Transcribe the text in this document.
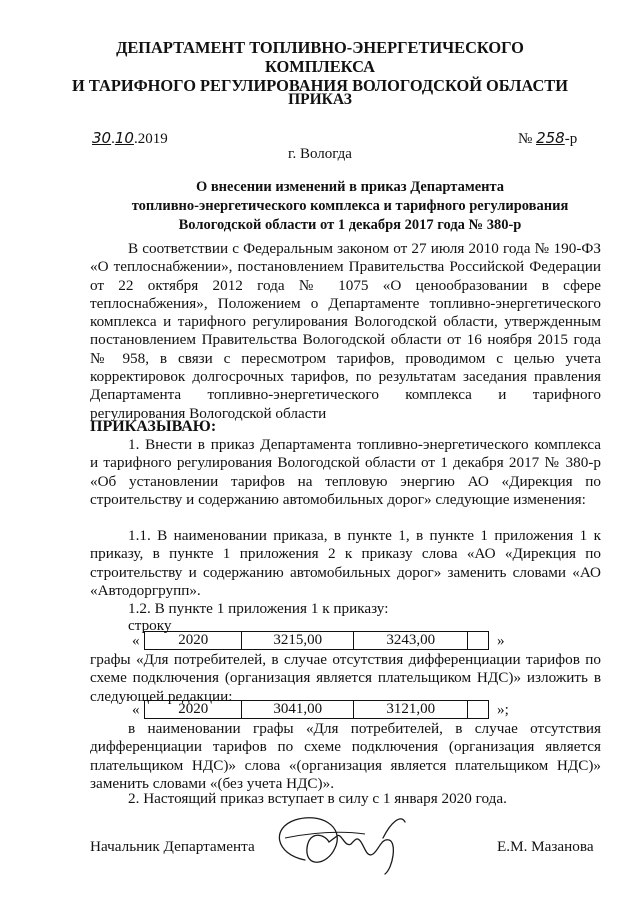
ДЕПАРТАМЕНТ ТОПЛИВНО-ЭНЕРГЕТИЧЕСКОГО КОМПЛЕКСА
И ТАРИФНОГО РЕГУЛИРОВАНИЯ ВОЛОГОДСКОЙ ОБЛАСТИ
ПРИКАЗ
30.10.2019	№ 258-р
г. Вологда
О внесении изменений в приказ Департамента
топливно-энергетического комплекса и тарифного регулирования
Вологодской области от 1 декабря 2017 года № 380-р
В соответствии с Федеральным законом от 27 июля 2010 года № 190-ФЗ «О теплоснабжении», постановлением Правительства Российской Федерации от 22 октября 2012 года № 1075 «О ценообразовании в сфере теплоснабжения», Положением о Департаменте топливно-энергетического комплекса и тарифного регулирования Вологодской области, утвержденным постановлением Правительства Вологодской области от 16 ноября 2015 года № 958, в связи с пересмотром тарифов, проводимом с целью учета корректировок долгосрочных тарифов, по результатам заседания правления Департамента топливно-энергетического комплекса и тарифного регулирования Вологодской области
ПРИКАЗЫВАЮ:
1. Внести в приказ Департамента топливно-энергетического комплекса и тарифного регулирования Вологодской области от 1 декабря 2017 № 380-р «Об установлении тарифов на тепловую энергию АО «Дирекция по строительству и содержанию автомобильных дорог» следующие изменения:
1.1. В наименовании приказа, в пункте 1, в пункте 1 приложения 1 к приказу, в пункте 1 приложения 2 к приказу слова «АО «Дирекция по строительству и содержанию автомобильных дорог» заменить словами «АО «Автодоргрупп».
1.2. В пункте 1 приложения 1 к приказу:
строку
«	2020	3215,00	3243,00		»
графы «Для потребителей, в случае отсутствия дифференциации тарифов по схеме подключения (организация является плательщиком НДС)» изложить в следующей редакции:
«	2020	3041,00	3121,00		»;
в наименовании графы «Для потребителей, в случае отсутствия дифференциации тарифов по схеме подключения (организация является плательщиком НДС)» слова «(организация является плательщиком НДС)» заменить словами «(без учета НДС)».
2. Настоящий приказ вступает в силу с 1 января 2020 года.
Начальник Департамента	Е.М. Мазанова
